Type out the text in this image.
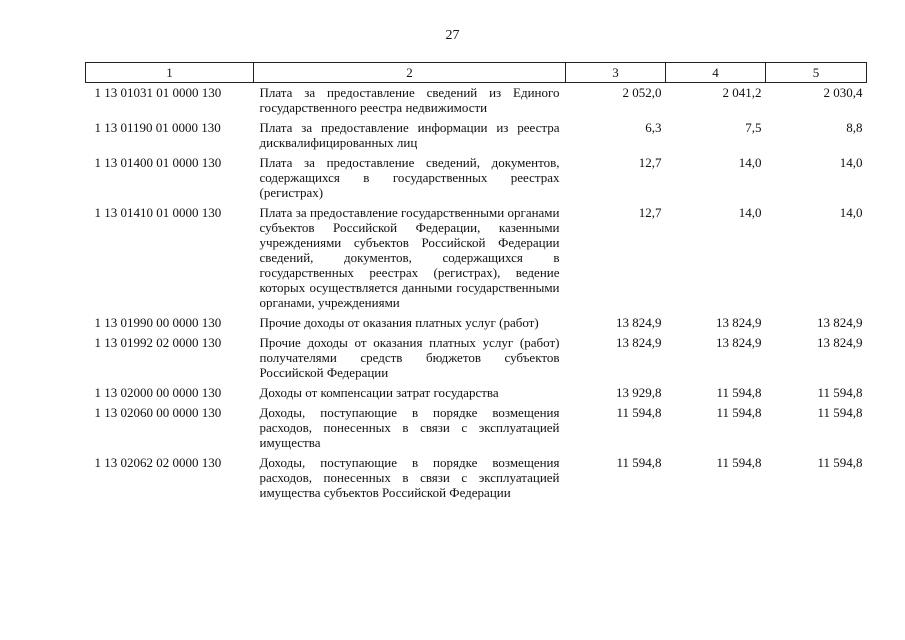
27
1	2	3	4	5
1 13 01031 01 0000 130	Плата за предоставление сведений из Единого государственного реестра недвижимости	2 052,0	2 041,2	2 030,4
1 13 01190 01 0000 130	Плата за предоставление информации из реестра дисквалифицированных лиц	6,3	7,5	8,8
1 13 01400 01 0000 130	Плата за предоставление сведений, документов, содержащихся в государственных реестрах (регистрах)	12,7	14,0	14,0
1 13 01410 01 0000 130	Плата за предоставление государственными органами субъектов Российской Федерации, казенными учреждениями субъектов Российской Федерации сведений, документов, содержащихся в государственных реестрах (регистрах), ведение которых осуществляется данными государственными органами, учреждениями	12,7	14,0	14,0
1 13 01990 00 0000 130	Прочие доходы от оказания платных услуг (работ)	13 824,9	13 824,9	13 824,9
1 13 01992 02 0000 130	Прочие доходы от оказания платных услуг (работ) получателями средств бюджетов субъектов Российской Федерации	13 824,9	13 824,9	13 824,9
1 13 02000 00 0000 130	Доходы от компенсации затрат государства	13 929,8	11 594,8	11 594,8
1 13 02060 00 0000 130	Доходы, поступающие в порядке возмещения расходов, понесенных в связи с эксплуатацией имущества	11 594,8	11 594,8	11 594,8
1 13 02062 02 0000 130	Доходы, поступающие в порядке возмещения расходов, понесенных в связи с эксплуатацией имущества субъектов Российской Федерации	11 594,8	11 594,8	11 594,8
